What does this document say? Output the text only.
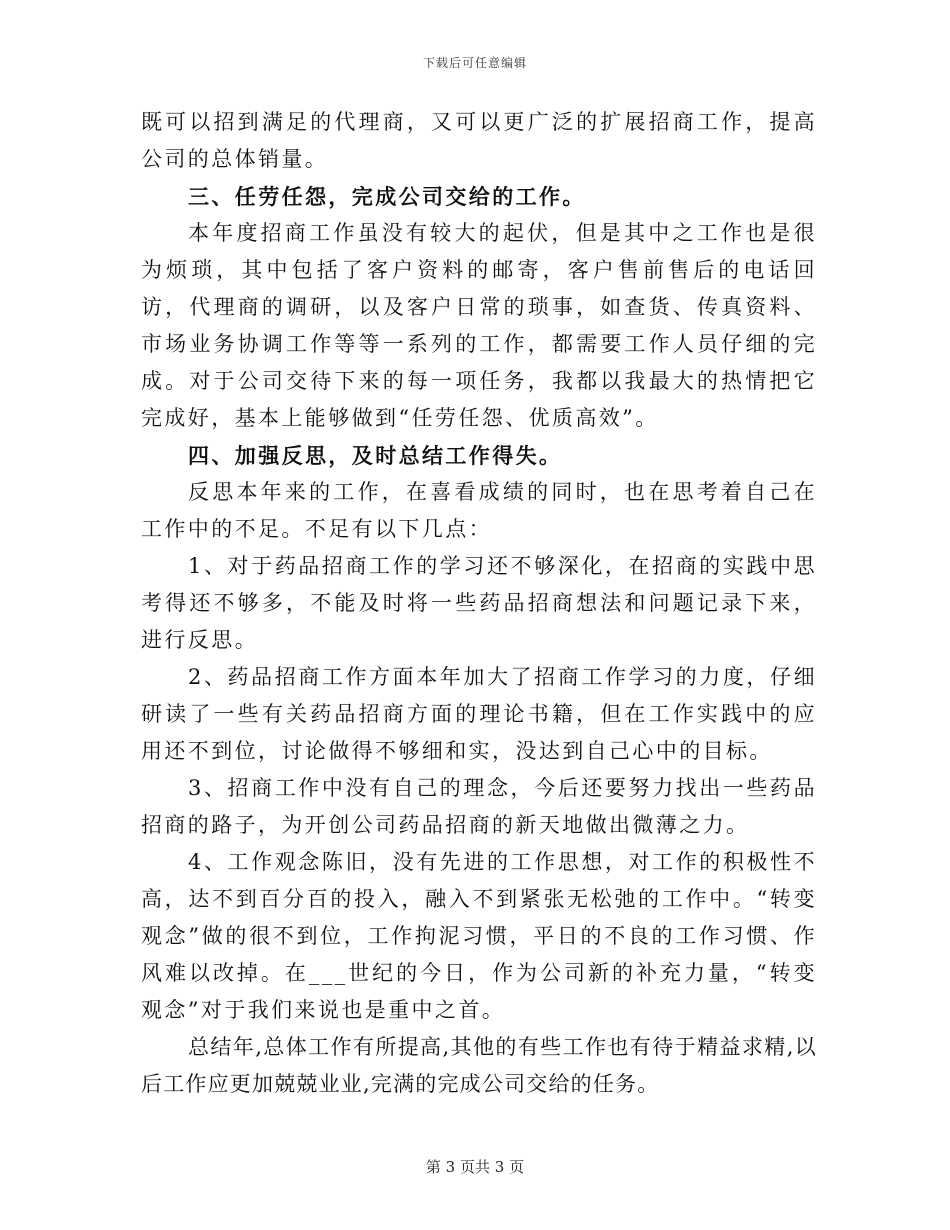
下载后可任意编辑

既可以招到满足的代理商，又可以更广泛的扩展招商工作，提高公司的总体销量。

三、任劳任怨，完成公司交给的工作。

本年度招商工作虽没有较大的起伏，但是其中之工作也是很为烦琐，其中包括了客户资料的邮寄，客户售前售后的电话回访，代理商的调研，以及客户日常的琐事，如查货、传真资料、市场业务协调工作等等一系列的工作，都需要工作人员仔细的完成。对于公司交待下来的每一项任务，我都以我最大的热情把它完成好，基本上能够做到“任劳任怨、优质高效”。

四、加强反思，及时总结工作得失。

反思本年来的工作，在喜看成绩的同时，也在思考着自己在工作中的不足。不足有以下几点：

1、对于药品招商工作的学习还不够深化，在招商的实践中思考得还不够多，不能及时将一些药品招商想法和问题记录下来，进行反思。

2、药品招商工作方面本年加大了招商工作学习的力度，仔细研读了一些有关药品招商方面的理论书籍，但在工作实践中的应用还不到位，讨论做得不够细和实，没达到自己心中的目标。

3、招商工作中没有自己的理念，今后还要努力找出一些药品招商的路子，为开创公司药品招商的新天地做出微薄之力。

4、工作观念陈旧，没有先进的工作思想，对工作的积极性不高，达不到百分百的投入，融入不到紧张无松弛的工作中。“转变观念”做的很不到位，工作拘泥习惯，平日的不良的工作习惯、作风难以改掉。在___世纪的今日，作为公司新的补充力量，“转变观念”对于我们来说也是重中之首。

总结年,总体工作有所提高,其他的有些工作也有待于精益求精,以后工作应更加兢兢业业,完满的完成公司交给的任务。

第 3 页共 3 页
